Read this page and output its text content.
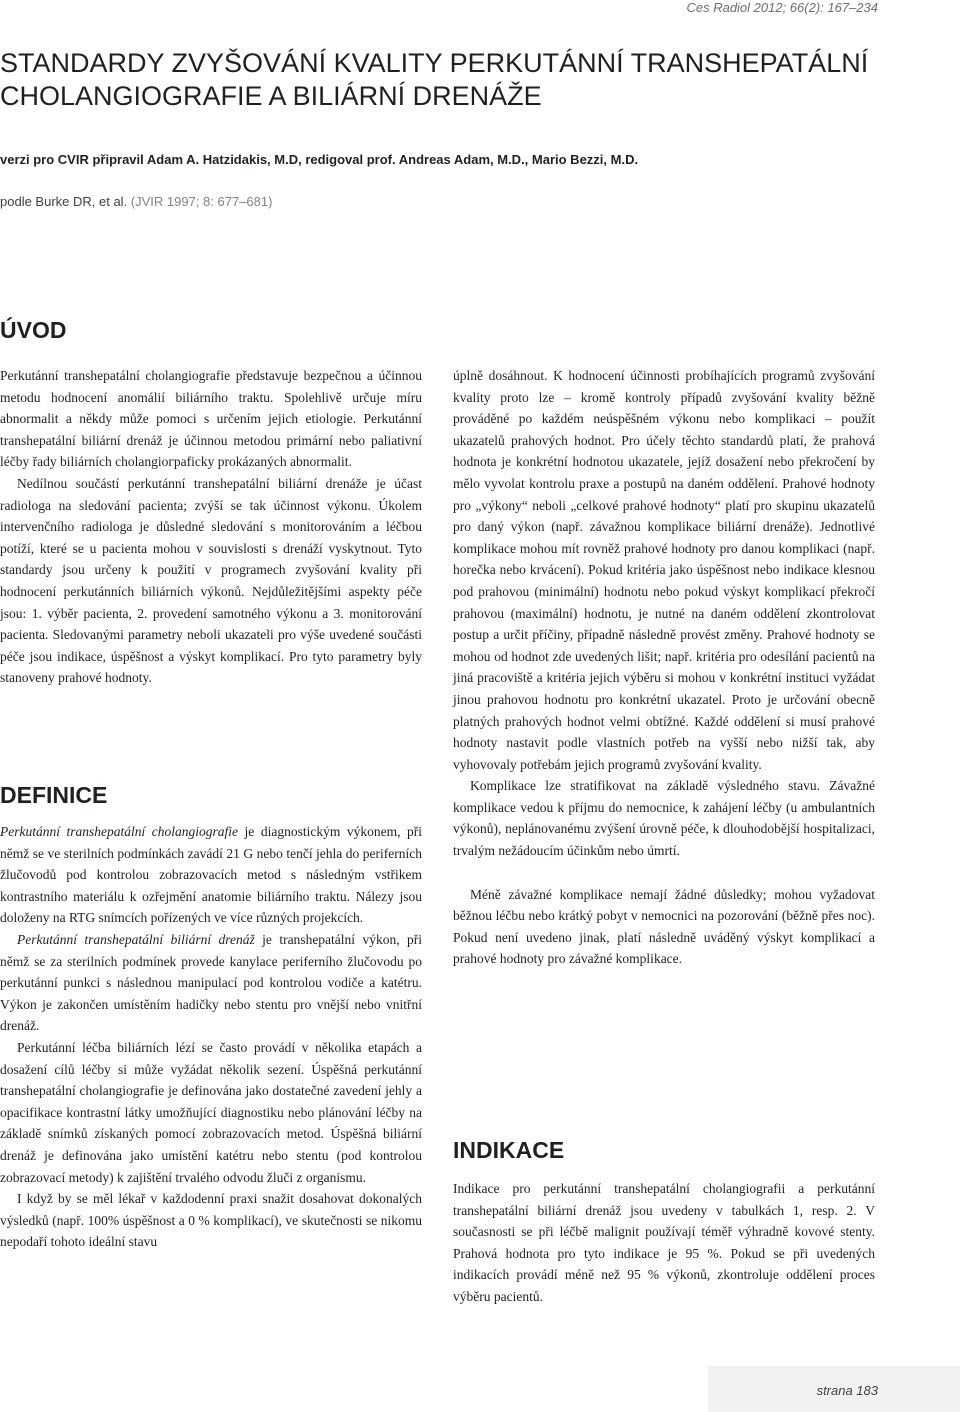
Ces Radiol 2012; 66(2): 167–234
STANDARDY ZVYŠOVÁNÍ KVALITY PERKUTÁNNÍ TRANSHEPATÁLNÍ
CHOLANGIOGRAFIE A BILIÁRNÍ DRENÁŽE
verzi pro CVIR připravil Adam A. Hatzidakis, M.D, redigoval prof. Andreas Adam, M.D., Mario Bezzi, M.D.
podle Burke DR, et al. (JVIR 1997; 8: 677–681)
ÚVOD

Perkutánní transhepatální cholangiografie představuje bezpečnou a účinnou metodu hodnocení anomálií biliárního traktu. Spolehlivě určuje míru abnormalit a někdy může pomoci s určením jejich etiologie. Perkutánní transhepatální biliární drenáž je účinnou metodou primární nebo paliativní léčby řady biliárních cholangioграficky prokázaných abnormalit.

Nedílnou součástí perkutánní transhepatální biliární drenáže je účast radiologa na sledování pacienta; zvýší se tak účinnost výkonu. Úkolem intervenčního radiologa je důsledné sledování s monitorováním a léčbou potíží, které se u pacienta mohou v souvislosti s drenáží vyskytnout. Tyto standardy jsou určeny k použití v programech zvyšování kvality při hodnocení perkutánních biliárních výkonů. Nejdůležitějšími aspekty péče jsou: 1. výběr pacienta, 2. provedení samotného výkonu a 3. monitorování pacienta. Sledovanými parametry neboli ukazateli pro výše uvedené součásti péče jsou indikace, úspěšnost a výskyt komplikací. Pro tyto parametry byly stanoveny prahové hodnoty.

DEFINICE

Perkutánní transhepatální cholangiografie je diagnostickým výkonem, při němž se ve sterilních podmínkách zavádí 21 G nebo tenčí jehla do periferních žlučovodů pod kontrolou zobrazovacích metod s následným vstřikem kontrastního materiálu k ozřejmění anatomie biliárního traktu. Nálezy jsou doloženy na RTG snímcích pořízených ve více různých projekcích.

Perkutánní transhepatální biliární drenáž je transhepatální výkon, při němž se za sterilních podmínek provede kanylace periferního žlučovodu po perkutánní punkci s následnou manipulací pod kontrolou vodiče a katétru. Výkon je zakončen umístěním hadičky nebo stentu pro vnější nebo vnitřní drenáž.

Perkutánní léčba biliárních lézí se často provádí v několika etapách a dosažení cílů léčby si může vyžádat několik sezení. Úspěšná perkutánní transhepatální cholangiografie je definována jako dostatečné zavedení jehly a opacifikace kontrastní látky umožňující diagnostiku nebo plánování léčby na základě snímků získaných pomocí zobrazovacích metod. Úspěšná biliární drenáž je definována jako umístění katétru nebo stentu (pod kontrolou zobrazovací metody) k zajištění trvalého odvodu žluči z organismu.

I když by se měl lékař v každodenní praxi snažit dosahovat dokonalých výsledků (např. 100% úspěšnost a 0 % komplikací), ve skutečnosti se nikomu nepodaří tohoto ideální stavu

úplně dosáhnout. K hodnocení účinnosti probíhajících programů zvyšování kvality proto lze – kromě kontroly případů zvyšování kvality běžně prováděné po každém neúspěšném výkonu nebo komplikaci – použít ukazatelů prahových hodnot. Pro účely těchto standardů platí, že prahová hodnota je konkrétní hodnotou ukazatele, jejíž dosažení nebo překročení by mělo vyvolat kontrolu praxe a postupů na daném oddělení. Prahové hodnoty pro „výkony“ neboli „celkové prahové hodnoty“ platí pro skupinu ukazatelů pro daný výkon (např. závažnou komplikace biliární drenáže). Jednotlivé komplikace mohou mít rovněž prahové hodnoty pro danou komplikaci (např. horečka nebo krvácení). Pokud kritéria jako úspěšnost nebo indikace klesnou pod prahovou (minimální) hodnotu nebo pokud výskyt komplikací překročí prahovou (maximální) hodnotu, je nutné na daném oddělení zkontrolovat postup a určit příčiny, případně následně provést změny. Prahové hodnoty se mohou od hodnot zde uvedených lišit; např. kritéria pro odesílání pacientů na jiná pracoviště a kritéria jejich výběru si mohou v konkrétní instituci vyžádat jinou prahovou hodnotu pro konkrétní ukazatel. Proto je určování obecně platných prahových hodnot velmi obtížné. Každé oddělení si musí prahové hodnoty nastavit podle vlastních potřeb na vyšší nebo nižší tak, aby vyhovovaly potřebám jejich programů zvyšování kvality.

Komplikace lze stratifikovat na základě výsledného stavu. Závažné komplikace vedou k příjmu do nemocnice, k zahájení léčby (u ambulantních výkonů), neplánovanému zvýšení úrovně péče, k dlouhodobější hospitalizaci, trvalým nežádoucím účinkům nebo úmrtí.

Méně závažné komplikace nemají žádné důsledky; mohou vyžadovat běžnou léčbu nebo krátký pobyt v nemocnici na pozorování (běžně přes noc). Pokud není uvedeno jinak, platí následně uváděný výskyt komplikací a prahové hodnoty pro závažné komplikace.

INDIKACE

Indikace pro perkutánní transhepatální cholangiografii a perkutánní transhepatální biliární drenáž jsou uvedeny v tabulkách 1, resp. 2. V současnosti se při léčbě malignit používají téměř výhradně kovové stenty. Prahová hodnota pro tyto indikace je 95 %. Pokud se při uvedených indikacích provádí méně než 95 % výkonů, zkontroluje oddělení proces výběru pacientů.

strana 183
